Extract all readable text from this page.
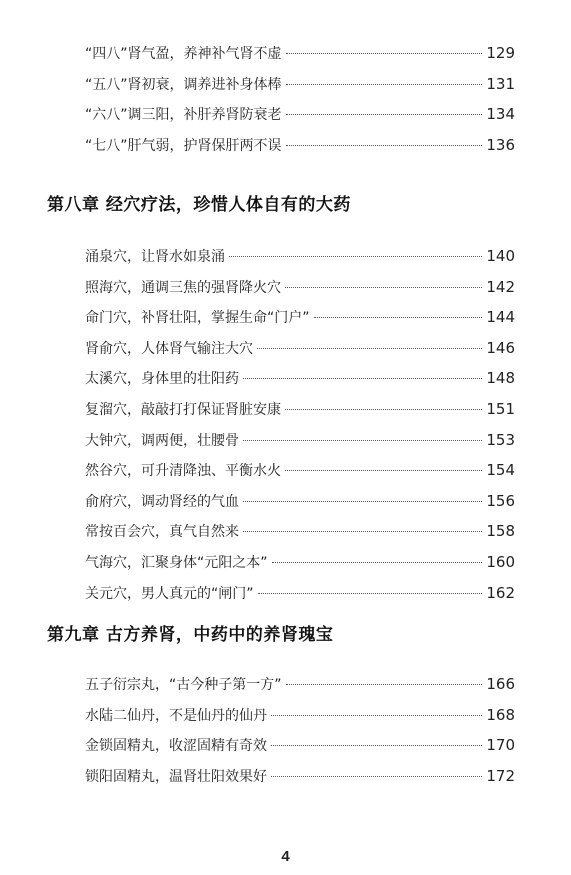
“四八”肾气盈，养神补气肾不虚	129
“五八”肾初衰，调养进补身体棒	131
“六八”调三阳，补肝养肾防衰老	134
“七八”肝气弱，护肾保肝两不误	136
第八章 经穴疗法，珍惜人体自有的大药
涌泉穴，让肾水如泉涌	140
照海穴，通调三焦的强肾降火穴	142
命门穴，补肾壮阳，掌握生命“门户”	144
肾俞穴，人体肾气输注大穴	146
太溪穴，身体里的壮阳药	148
复溜穴，敲敲打打保证肾脏安康	151
大钟穴，调两便，壮腰骨	153
然谷穴，可升清降浊、平衡水火	154
俞府穴，调动肾经的气血	156
常按百会穴，真气自然来	158
气海穴，汇聚身体“元阳之本”	160
关元穴，男人真元的“闸门”	162
第九章 古方养肾，中药中的养肾瑰宝
五子衍宗丸，“古今种子第一方”	166
水陆二仙丹，不是仙丹的仙丹	168
金锁固精丸，收涩固精有奇效	170
锁阳固精丸，温肾壮阳效果好	172
4
